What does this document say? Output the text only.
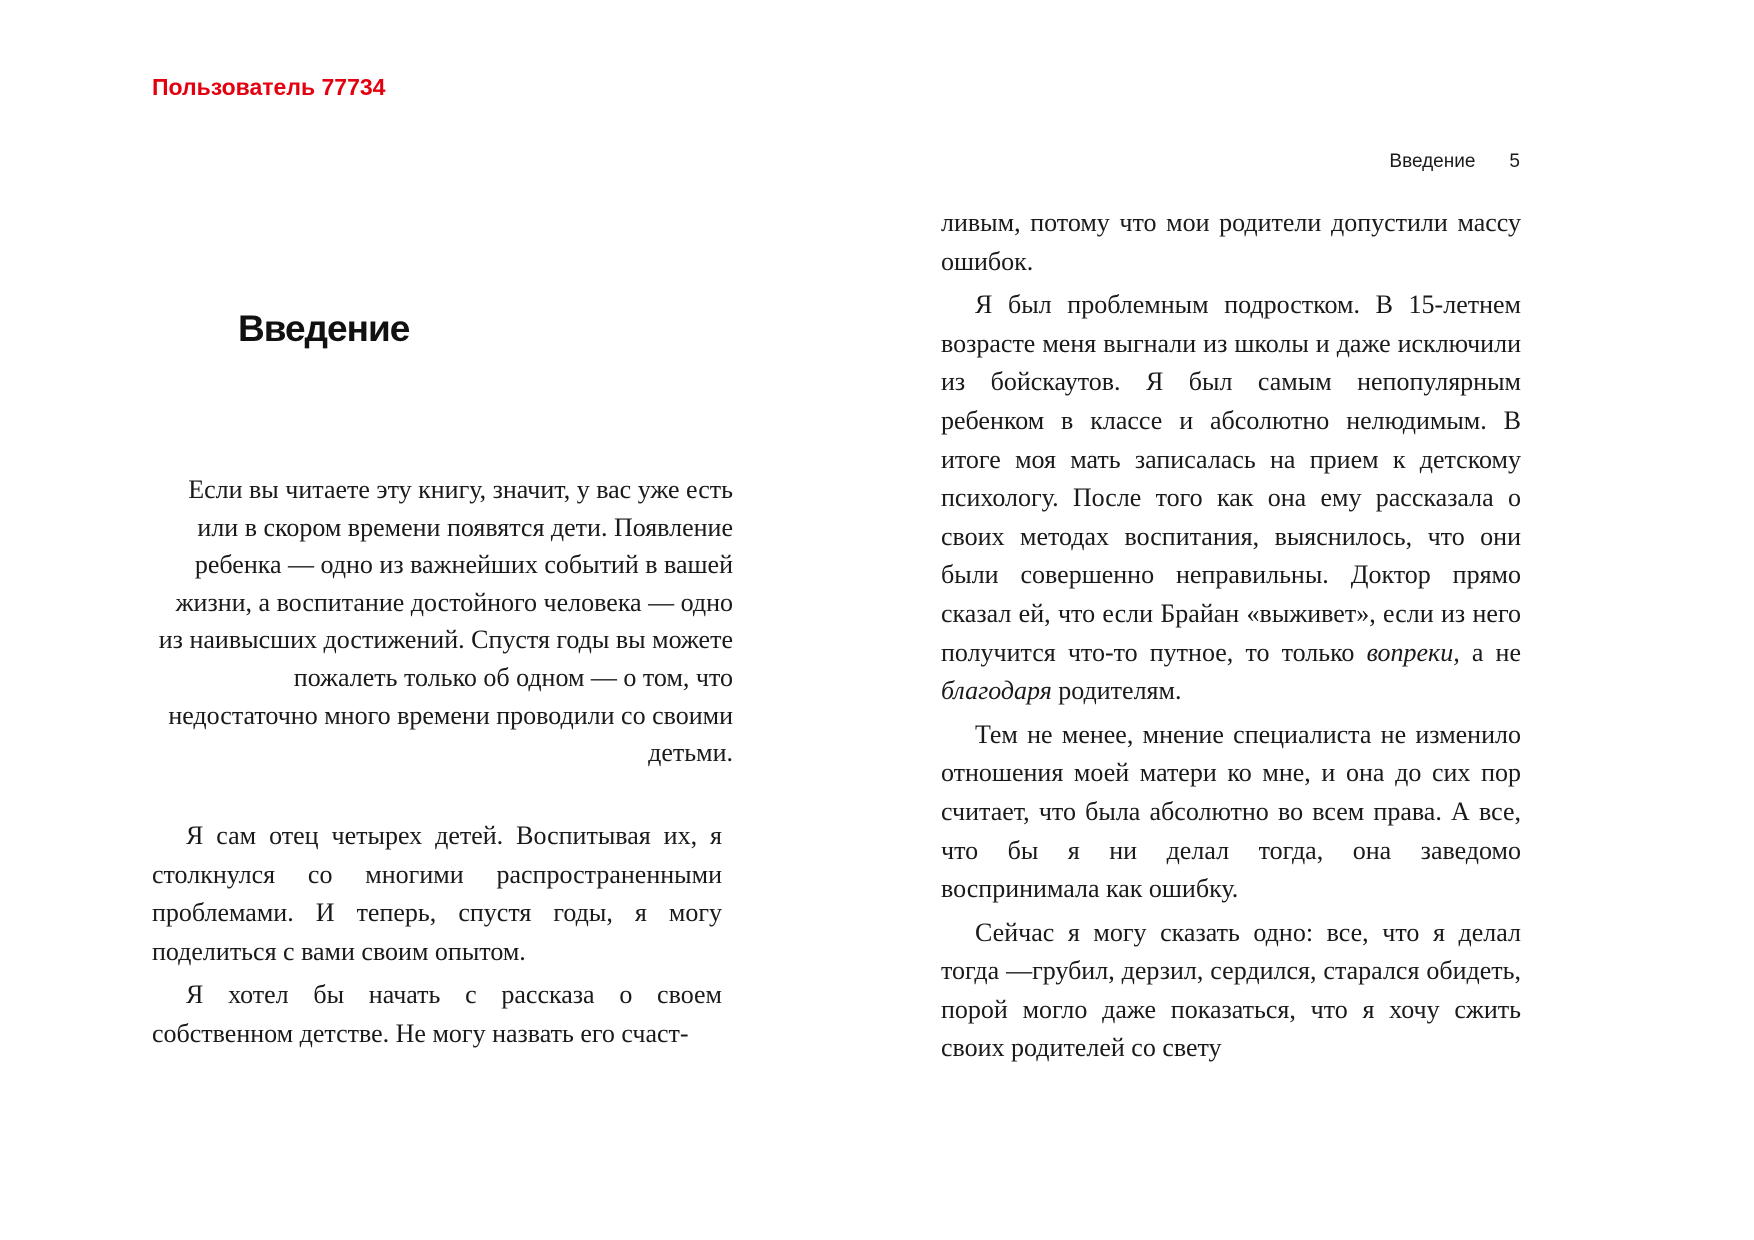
Пользователь 77734
Введение 5
Введение

Если вы читаете эту книгу, значит, у вас уже есть или в скором времени появятся дети. Появление ребенка — одно из важнейших событий в вашей жизни, а воспитание достойного человека — одно из наивысших достижений. Спустя годы вы можете пожалеть только об одном — о том, что недостаточно много времени проводили со своими детьми.

Я сам отец четырех детей. Воспитывая их, я столкнулся со многими распространенными проблемами. И теперь, спустя годы, я могу поделиться с вами своим опытом.

Я хотел бы начать с рассказа о своем собственном детстве. Не могу назвать его счаст-

ливым, потому что мои родители допустили массу ошибок.

Я был проблемным подростком. В 15-летнем возрасте меня выгнали из школы и даже исключили из бойскаутов. Я был самым непопулярным ребенком в классе и абсолютно нелюдимым. В итоге моя мать записалась на прием к детскому психологу. После того как она ему рассказала о своих методах воспитания, выяснилось, что они были совершенно неправильны. Доктор прямо сказал ей, что если Брайан «выживет», если из него получится что-то путное, то только вопреки, а не благодаря родителям.

Тем не менее, мнение специалиста не изменило отношения моей матери ко мне, и она до сих пор считает, что была абсолютно во всем права. А все, что бы я ни делал тогда, она заведомо воспринимала как ошибку.

Сейчас я могу сказать одно: все, что я делал тогда —грубил, дерзил, сердился, старался обидеть, порой могло даже показаться, что я хочу сжить своих родителей со свету
